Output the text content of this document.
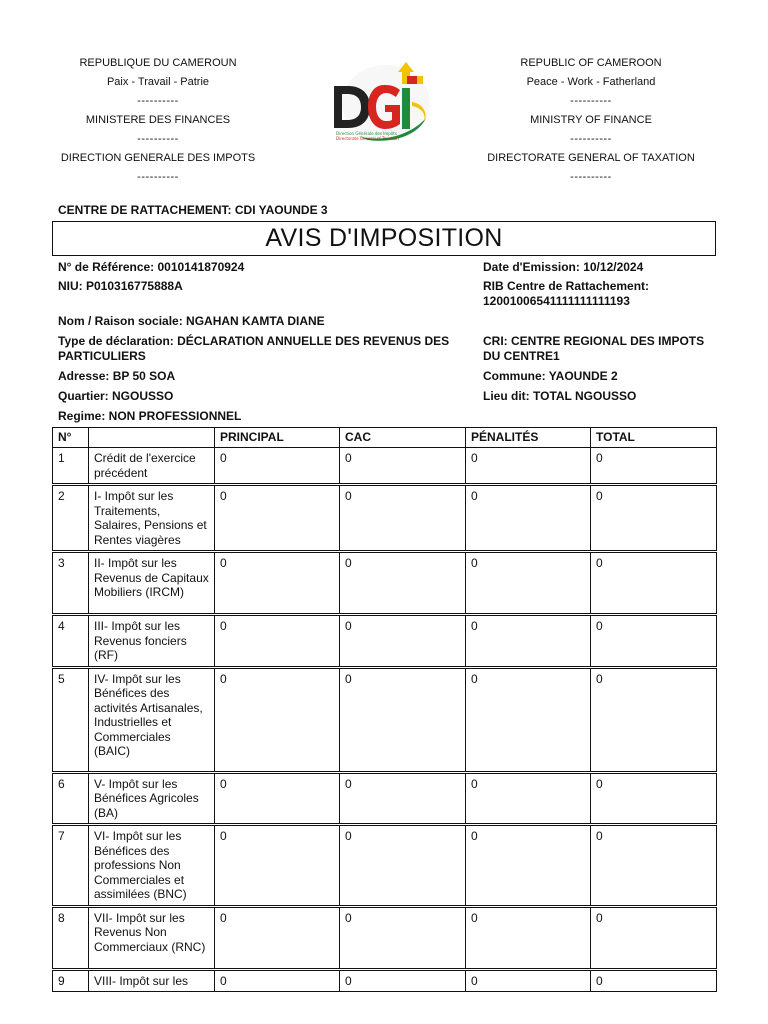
REPUBLIQUE DU CAMEROUN
Paix - Travail - Patrie
----------
MINISTERE DES FINANCES
----------
DIRECTION GENERALE DES IMPOTS
----------
Direction Générale des Impôts
Directorate General of Taxation
REPUBLIC OF CAMEROON
Peace - Work - Fatherland
----------
MINISTRY OF FINANCE
----------
DIRECTORATE GENERAL OF TAXATION
----------
CENTRE DE RATTACHEMENT: CDI YAOUNDE 3
AVIS D'IMPOSITION
N° de Référence: 0010141870924	Date d'Emission: 10/12/2024
NIU: P010316775888A	RIB Centre de Rattachement:
12001006541111111111193
Nom / Raison sociale: NGAHAN KAMTA DIANE
Type de déclaration: DÉCLARATION ANNUELLE DES REVENUS DES PARTICULIERS
CRI: CENTRE REGIONAL DES IMPOTS DU CENTRE1
Adresse: BP 50 SOA	Commune: YAOUNDE 2
Quartier: NGOUSSO	Lieu dit: TOTAL NGOUSSO
Regime: NON PROFESSIONNEL
N°		PRINCIPAL	CAC	PÉNALITÉS	TOTAL
1	Crédit de l'exercice précédent	0	0	0	0

2	I- Impôt sur les Traitements, Salaires, Pensions et Rentes viagères	0	0	0	0

3	II- Impôt sur les Revenus de Capitaux Mobiliers (IRCM)	0	0	0	0

4	III- Impôt sur les Revenus fonciers (RF)	0	0	0	0

5	IV- Impôt sur les Bénéfices des activités Artisanales, Industrielles et Commerciales (BAIC)	0	0	0	0

6	V- Impôt sur les Bénéfices Agricoles (BA)	0	0	0	0

7	VI- Impôt sur les Bénéfices des professions Non Commerciales et assimilées (BNC)	0	0	0	0

8	VII- Impôt sur les Revenus Non Commerciaux (RNC)	0	0	0	0

9	VIII- Impôt sur les	0	0	0	0
